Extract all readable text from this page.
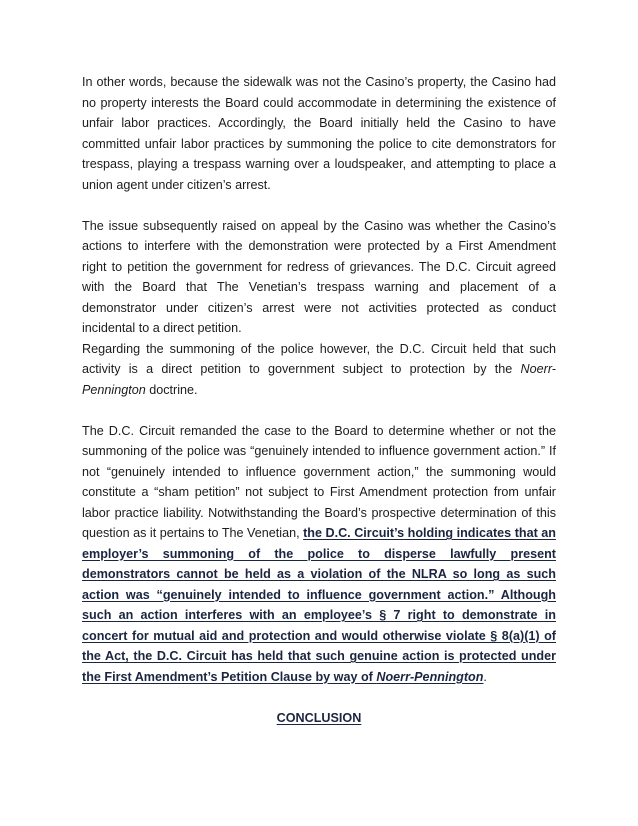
In other words, because the sidewalk was not the Casino’s property, the Casino had no property interests the Board could accommodate in determining the existence of unfair labor practices. Accordingly, the Board initially held the Casino to have committed unfair labor practices by summoning the police to cite demonstrators for trespass, playing a trespass warning over a loudspeaker, and attempting to place a union agent under citizen’s arrest.

The issue subsequently raised on appeal by the Casino was whether the Casino’s actions to interfere with the demonstration were protected by a First Amendment right to petition the government for redress of grievances. The D.C. Circuit agreed with the Board that The Venetian’s trespass warning and placement of a demonstrator under citizen’s arrest were not activities protected as conduct incidental to a direct petition.

Regarding the summoning of the police however, the D.C. Circuit held that such activity is a direct petition to government subject to protection by the Noerr-Pennington doctrine.

The D.C. Circuit remanded the case to the Board to determine whether or not the summoning of the police was “genuinely intended to influence government action.” If not “genuinely intended to influence government action,” the summoning would constitute a “sham petition” not subject to First Amendment protection from unfair labor practice liability. Notwithstanding the Board’s prospective determination of this question as it pertains to The Venetian, the D.C. Circuit’s holding indicates that an employer’s summoning of the police to disperse lawfully present demonstrators cannot be held as a violation of the NLRA so long as such action was “genuinely intended to influence government action.” Although such an action interferes with an employee’s § 7 right to demonstrate in concert for mutual aid and protection and would otherwise violate § 8(a)(1) of the Act, the D.C. Circuit has held that such genuine action is protected under the First Amendment’s Petition Clause by way of Noerr-Pennington.

CONCLUSION
